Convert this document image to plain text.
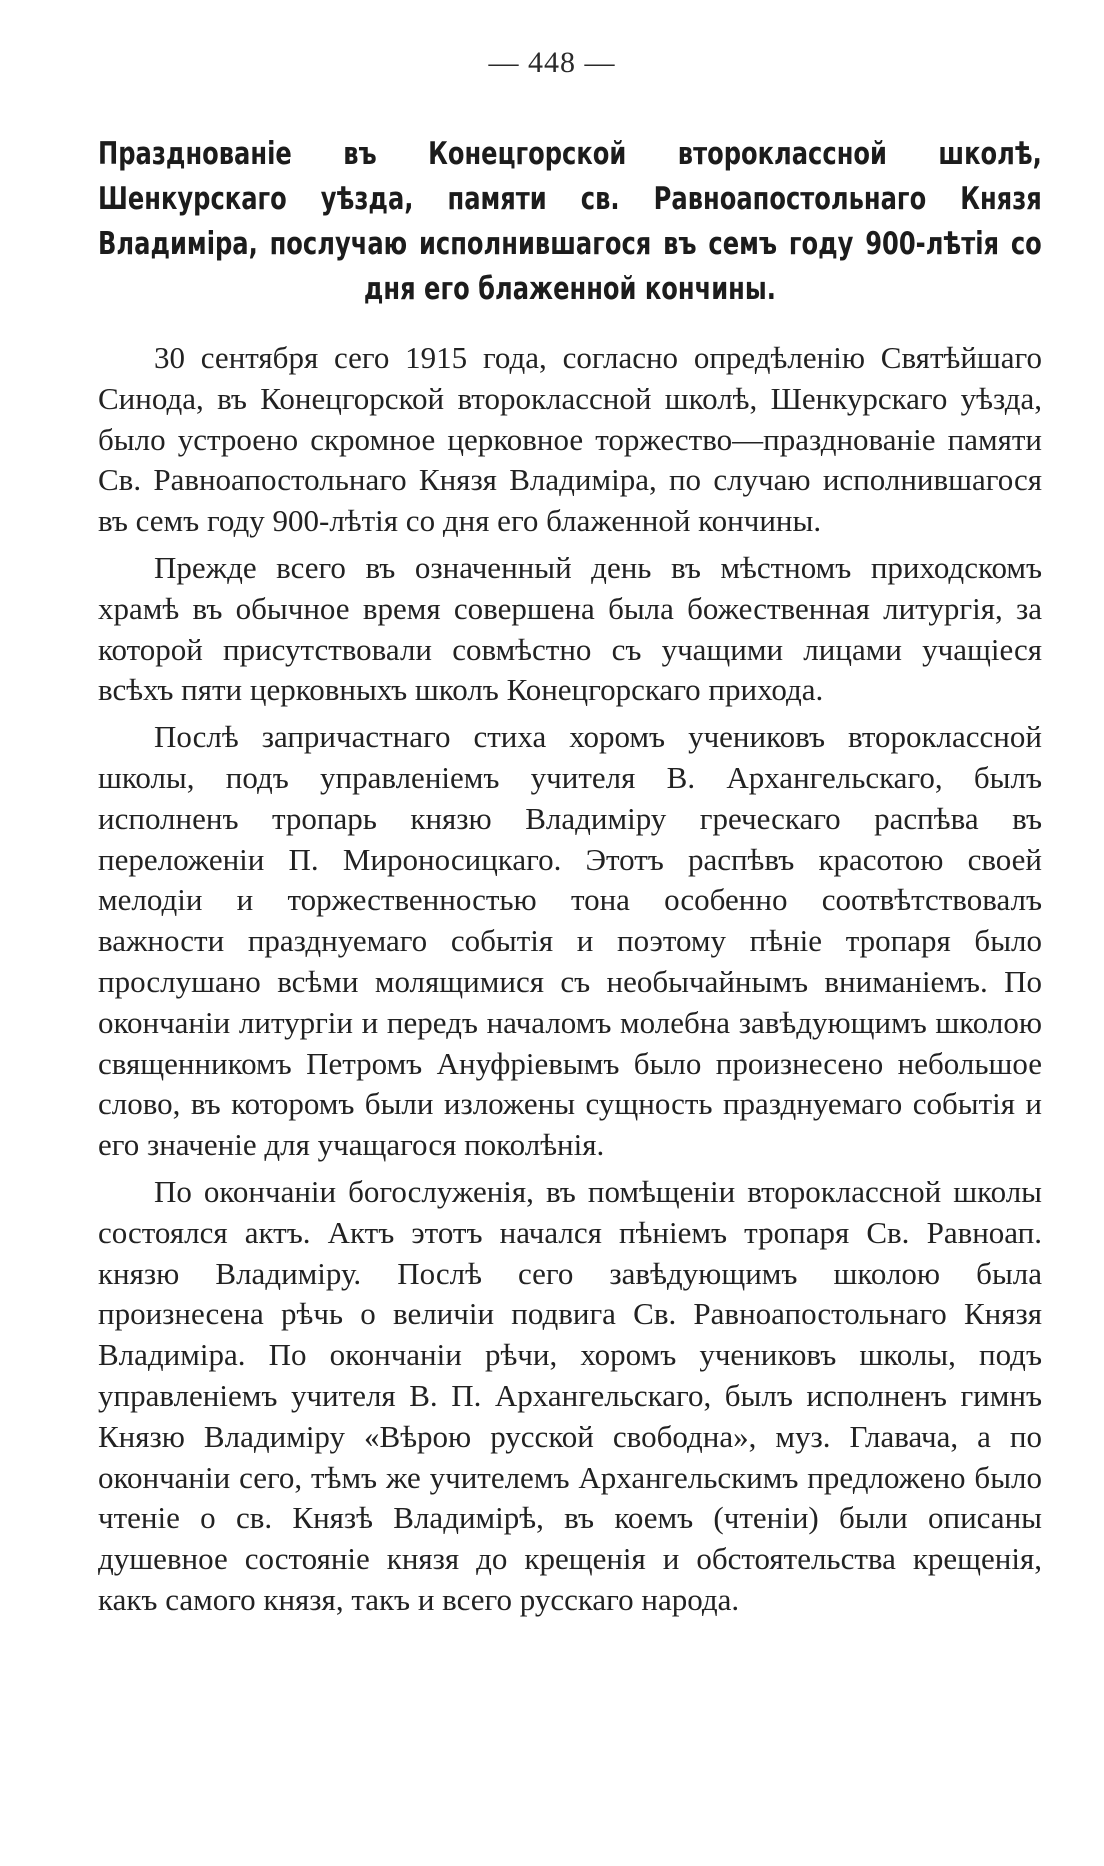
— 448 —
Празднованіе въ Конецгорской второклассной школѣ, Шенкурскаго уѣзда, памяти св. Равноапостольнаго Князя Владиміра, послучаю исполнившагося въ семъ году 900-лѣтія со дня его блаженной кончины.

30 сентября сего 1915 года, согласно опредѣленію Святѣйшаго Синода, въ Конецгорской второклассной школѣ, Шенкурскаго уѣзда, было устроено скромное церковное торжество—празднованіе памяти Св. Равноапостольнаго Князя Владиміра, по случаю исполнившагося въ семъ году 900-лѣтія со дня его блаженной кончины.

Прежде всего въ означенный день въ мѣстномъ приходскомъ храмѣ въ обычное время совершена была божественная литургія, за которой присутствовали совмѣстно съ учащими лицами учащіеся всѣхъ пяти церковныхъ школъ Конецгорскаго прихода.

Послѣ запричастнаго стиха хоромъ учениковъ второклассной школы, подъ управленіемъ учителя В. Архангельскаго, былъ исполненъ тропарь князю Владиміру греческаго распѣва въ переложеніи П. Мироносицкаго. Этотъ распѣвъ красотою своей мелодіи и торжественностью тона особенно соотвѣтствовалъ важности празднуемаго событія и поэтому пѣніе тропаря было прослушано всѣми молящимися съ необычайнымъ вниманіемъ. По окончаніи литургіи и передъ началомъ молебна завѣдующимъ школою священникомъ Петромъ Ануфріевымъ было произнесено небольшое слово, въ которомъ были изложены сущность празднуемаго событія и его значеніе для учащагося поколѣнія.

По окончаніи богослуженія, въ помѣщеніи второклассной школы состоялся актъ. Актъ этотъ начался пѣніемъ тропаря Св. Равноап. князю Владиміру. Послѣ сего завѣдующимъ школою была произнесена рѣчь о величіи подвига Св. Равноапостольнаго Князя Владиміра. По окончаніи рѣчи, хоромъ учениковъ школы, подъ управленіемъ учителя В. П. Архангельскаго, былъ исполненъ гимнъ Князю Владиміру «Вѣрою русской свободна», муз. Главача, а по окончаніи сего, тѣмъ же учителемъ Архангельскимъ предложено было чтеніе о св. Князѣ Владимірѣ, въ коемъ (чтеніи) были описаны душевное состояніе князя до крещенія и обстоятельства крещенія, какъ самого князя, такъ и всего русскаго народа.
